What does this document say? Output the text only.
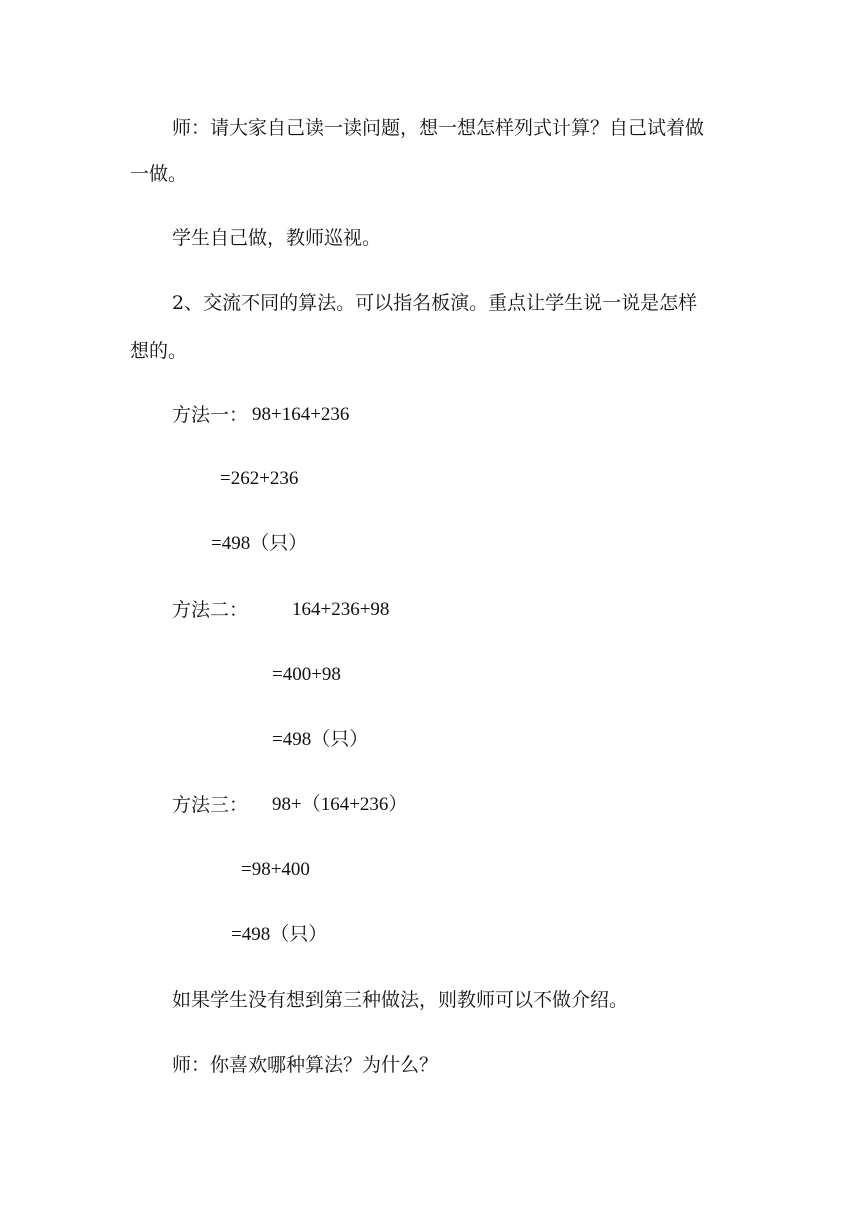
师：请大家自己读一读问题，想一想怎样列式计算？自己试着做
一做。
学生自己做，教师巡视。
2、交流不同的算法。可以指名板演。重点让学生说一说是怎样
想的。
方法一： 98+164+236
=262+236
=498（只）
方法二： 164+236+98
=400+98
=498（只）
方法三： 98+（164+236）
=98+400
=498（只）
如果学生没有想到第三种做法，则教师可以不做介绍。
师：你喜欢哪种算法？为什么？
